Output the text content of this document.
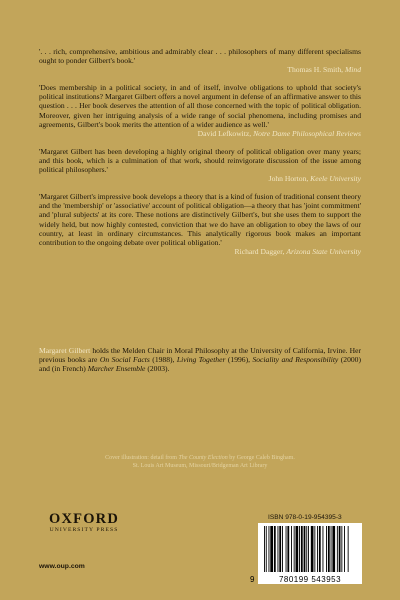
'. . . rich, comprehensive, ambitious and admirably clear . . . philosophers of many different specialisms ought to ponder Gilbert's book.'
Thomas H. Smith, Mind
'Does membership in a political society, in and of itself, involve obligations to uphold that society's political institutions? Margaret Gilbert offers a novel argument in defense of an affirmative answer to this question . . . Her book deserves the attention of all those concerned with the topic of political obligation. Moreover, given her intriguing analysis of a wide range of social phenomena, including promises and agreements, Gilbert's book merits the attention of a wider audience as well.'
David Lefkowitz, Notre Dame Philosophical Reviews
'Margaret Gilbert has been developing a highly original theory of political obligation over many years; and this book, which is a culmination of that work, should reinvigorate discussion of the issue among political philosophers.'
John Horton, Keele University
'Margaret Gilbert's impressive book develops a theory that is a kind of fusion of traditional consent theory and the 'membership' or 'associative' account of political obligation—a theory that has 'joint commitment' and 'plural subjects' at its core. These notions are distinctively Gilbert's, but she uses them to support the widely held, but now highly contested, conviction that we do have an obligation to obey the laws of our country, at least in ordinary circumstances. This analytically rigorous book makes an important contribution to the ongoing debate over political obligation.'
Richard Dagger, Arizona State University
Margaret Gilbert holds the Melden Chair in Moral Philosophy at the University of California, Irvine. Her previous books are On Social Facts (1988), Living Together (1996), Sociality and Responsibility (2000) and (in French) Marcher Ensemble (2003).
Cover illustration: detail from The County Election by George Caleb Bingham.
St. Louis Art Museum, Missouri/Bridgeman Art Library
OXFORD
UNIVERSITY PRESS
www.oup.com
ISBN 978-0-19-954395-3
9	780199 543953
